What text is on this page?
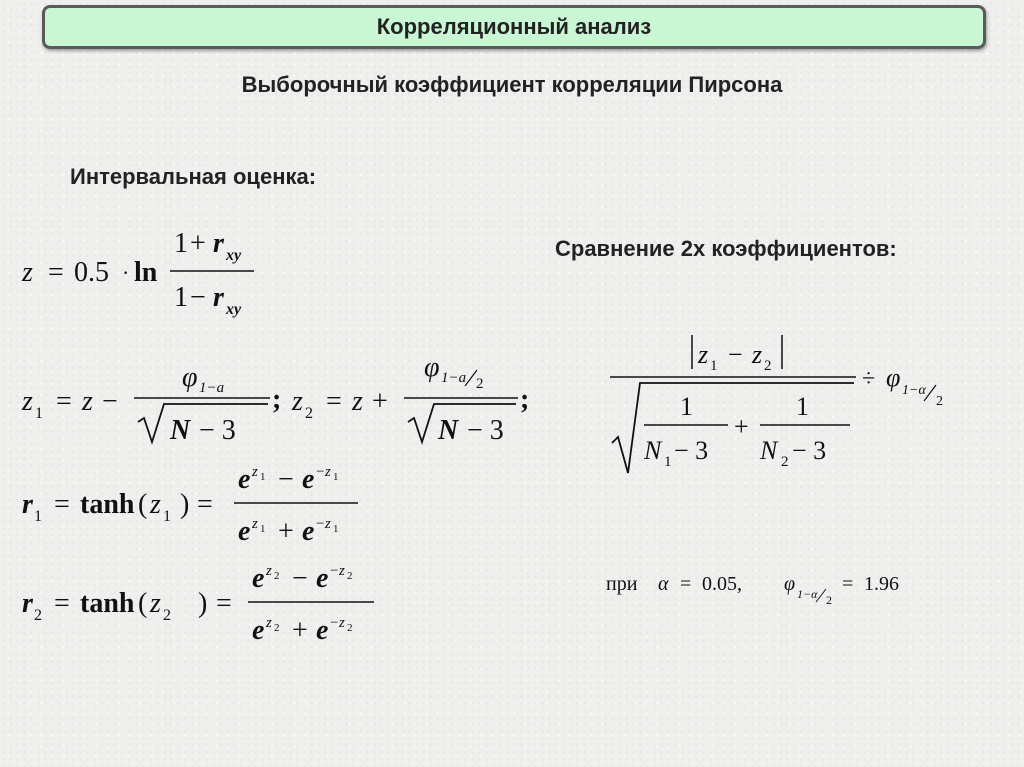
Корреляционный анализ
Выборочный коэффициент корреляции Пирсона
Интервальная оценка:
Сравнение 2х коэффициентов:
z = 0.5 · ln
1 + r xy
1 − r xy
z 1 = z −
φ 1−a
N − 3
; z 2 = z +
φ 1−a 2
N − 3
;
r 1 = tanh ( z 1 ) =
e z 1 − e − z 1
e z 1 + e − z 1
r 2 = tanh ( z 2 ) =
e z 2 − e − z 2
e z 2 + e − z 2
z 1 − z 2
1
N 1 − 3
+
1
N 2 − 3
÷ φ 1−α
2
при α = 0.05, φ 1−α 2
= 1.96
